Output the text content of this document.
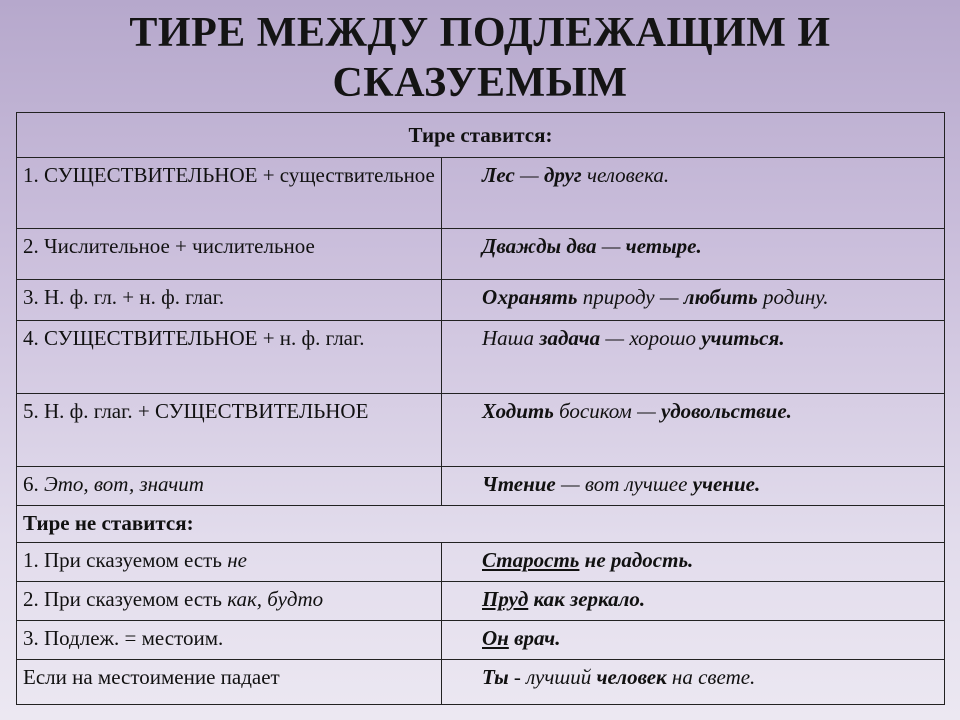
ТИРЕ МЕЖДУ ПОДЛЕЖАЩИМ И СКАЗУЕМЫМ
Тире ставится:	
1. СУЩЕСТВИТЕЛЬНОЕ + существительное	Лес — друг человека.
2. Числительное + числительное	Дважды два — четыре.
3. Н. ф. гл. + н. ф. глаг.	Охранять природу — любить родину.
4. СУЩЕСТВИТЕЛЬНОЕ + н. ф. глаг.	Наша задача — хорошо учиться.
5. Н. ф. глаг. + СУЩЕСТВИТЕЛЬНОЕ	Ходить босиком — удовольствие.
6. Это, вот, значит	Чтение — вот лучшее учение.
Тире не ставится:	
1. При сказуемом есть не	Старость не радость.
2. При сказуемом есть как, будто	Пруд как зеркало.
3. Подлеж. = местоим.	Он врач.
Если на местоимение падает	Ты - лучший человек на свете.
